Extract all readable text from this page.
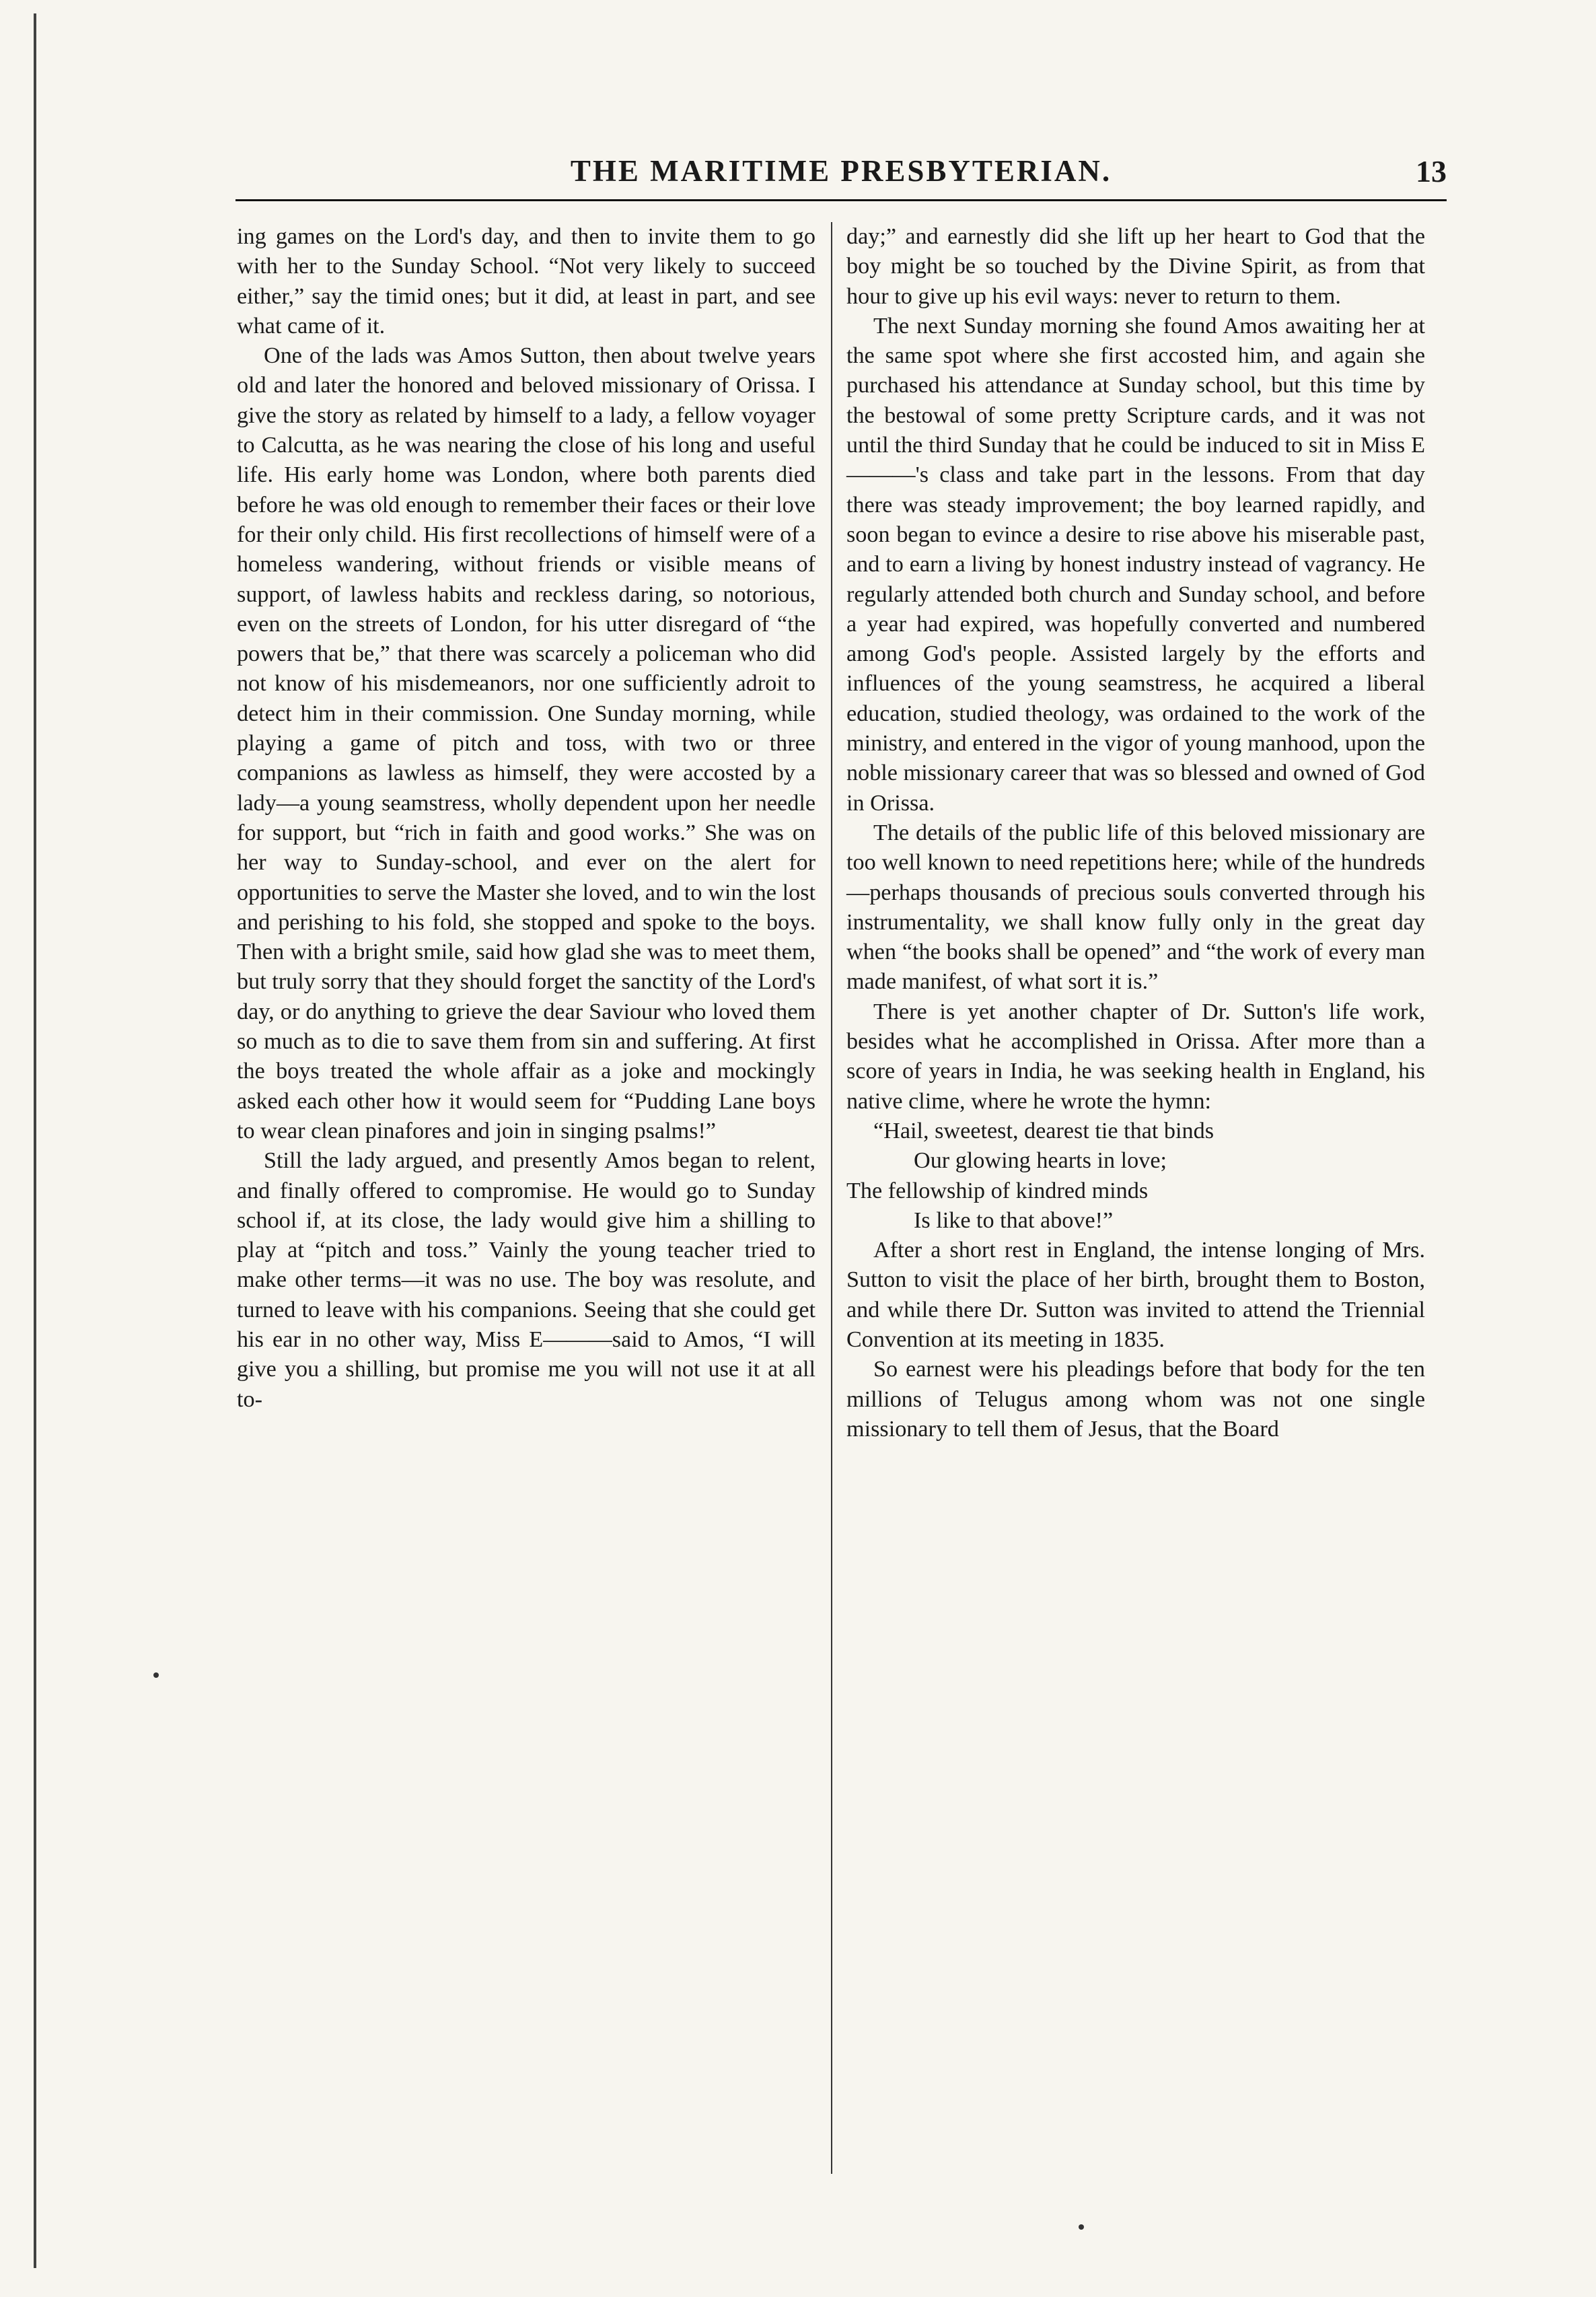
THE MARITIME PRESBYTERIAN.	13

ing games on the Lord's day, and then to invite them to go with her to the Sunday School. “Not very likely to succeed either,” say the timid ones; but it did, at least in part, and see what came of it.

One of the lads was Amos Sutton, then about twelve years old and later the honored and beloved missionary of Orissa. I give the story as related by himself to a lady, a fellow voyager to Calcutta, as he was nearing the close of his long and useful life. His early home was London, where both parents died before he was old enough to remember their faces or their love for their only child. His first recollections of himself were of a homeless wandering, without friends or visible means of support, of lawless habits and reckless daring, so notorious, even on the streets of London, for his utter disregard of “the powers that be,” that there was scarcely a policeman who did not know of his misdemeanors, nor one sufficiently adroit to detect him in their commission. One Sunday morning, while playing a game of pitch and toss, with two or three companions as lawless as himself, they were accosted by a lady—a young seamstress, wholly dependent upon her needle for support, but “rich in faith and good works.” She was on her way to Sunday-school, and ever on the alert for opportunities to serve the Master she loved, and to win the lost and perishing to his fold, she stopped and spoke to the boys. Then with a bright smile, said how glad she was to meet them, but truly sorry that they should forget the sanctity of the Lord's day, or do anything to grieve the dear Saviour who loved them so much as to die to save them from sin and suffering. At first the boys treated the whole affair as a joke and mockingly asked each other how it would seem for “Pudding Lane boys to wear clean pinafores and join in singing psalms!”

Still the lady argued, and presently Amos began to relent, and finally offered to compromise. He would go to Sunday school if, at its close, the lady would give him a shilling to play at “pitch and toss.” Vainly the young teacher tried to make other terms—it was no use. The boy was resolute, and turned to leave with his companions. Seeing that she could get his ear in no other way, Miss E———said to Amos, “I will give you a shilling, but promise me you will not use it at all to-

day;” and earnestly did she lift up her heart to God that the boy might be so touched by the Divine Spirit, as from that hour to give up his evil ways: never to return to them.

The next Sunday morning she found Amos awaiting her at the same spot where she first accosted him, and again she purchased his attendance at Sunday school, but this time by the bestowal of some pretty Scripture cards, and it was not until the third Sunday that he could be induced to sit in Miss E———'s class and take part in the lessons. From that day there was steady improvement; the boy learned rapidly, and soon began to evince a desire to rise above his miserable past, and to earn a living by honest industry instead of vagrancy. He regularly attended both church and Sunday school, and before a year had expired, was hopefully converted and numbered among God's people. Assisted largely by the efforts and influences of the young seamstress, he acquired a liberal education, studied theology, was ordained to the work of the ministry, and entered in the vigor of young manhood, upon the noble missionary career that was so blessed and owned of God in Orissa.

The details of the public life of this beloved missionary are too well known to need repetitions here; while of the hundreds—perhaps thousands of precious souls converted through his instrumentality, we shall know fully only in the great day when “the books shall be opened” and “the work of every man made manifest, of what sort it is.”

There is yet another chapter of Dr. Sutton's life work, besides what he accomplished in Orissa. After more than a score of years in India, he was seeking health in England, his native clime, where he wrote the hymn:

“Hail, sweetest, dearest tie that binds
Our glowing hearts in love;
The fellowship of kindred minds
Is like to that above!”

After a short rest in England, the intense longing of Mrs. Sutton to visit the place of her birth, brought them to Boston, and while there Dr. Sutton was invited to attend the Triennial Convention at its meeting in 1835.

So earnest were his pleadings before that body for the ten millions of Telugus among whom was not one single missionary to tell them of Jesus, that the Board
